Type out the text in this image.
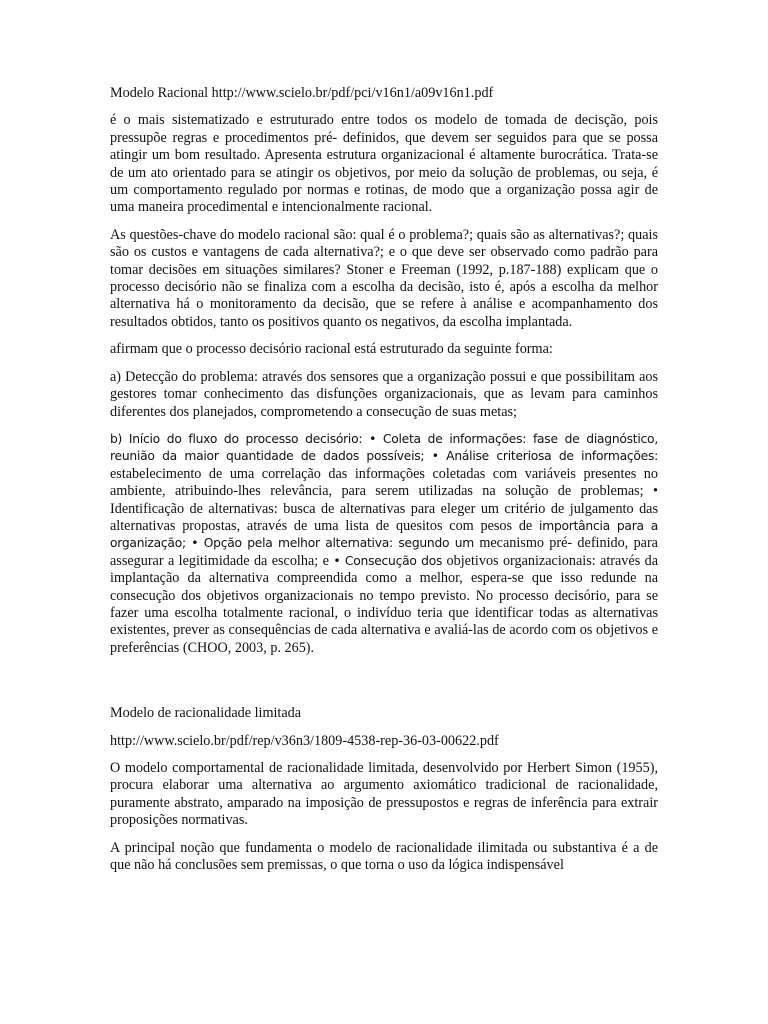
Modelo Racional http://www.scielo.br/pdf/pci/v16n1/a09v16n1.pdf

é o mais sistematizado e estruturado entre todos os modelo de tomada de decisção, pois pressupõe regras e procedimentos pré- definidos, que devem ser seguidos para que se possa atingir um bom resultado. Apresenta estrutura organizacional é altamente burocrática. Trata-se de um ato orientado para se atingir os objetivos, por meio da solução de problemas, ou seja, é um comportamento regulado por normas e rotinas, de modo que a organização possa agir de uma maneira procedimental e intencionalmente racional.

As questões-chave do modelo racional são: qual é o problema?; quais são as alternativas?; quais são os custos e vantagens de cada alternativa?; e o que deve ser observado como padrão para tomar decisões em situações similares? Stoner e Freeman (1992, p.187-188) explicam que o processo decisório não se finaliza com a escolha da decisão, isto é, após a escolha da melhor alternativa há o monitoramento da decisão, que se refere à análise e acompanhamento dos resultados obtidos, tanto os positivos quanto os negativos, da escolha implantada.

afirmam que o processo decisório racional está estruturado da seguinte forma:

a) Detecção do problema: através dos sensores que a organização possui e que possibilitam aos gestores tomar conhecimento das disfunções organizacionais, que as levam para caminhos diferentes dos planejados, comprometendo a consecução de suas metas;

b) Início do fluxo do processo decisório: • Coleta de informações: fase de diagnóstico, reunião da maior quantidade de dados possíveis; • Análise criteriosa de informações: estabelecimento de uma correlação das informações coletadas com variáveis presentes no ambiente, atribuindo-lhes relevância, para serem utilizadas na solução de problemas; • Identificação de alternativas: busca de alternativas para eleger um critério de julgamento das alternativas propostas, através de uma lista de quesitos com pesos de importância para a organização; • Opção pela melhor alternativa: segundo um mecanismo pré- definido, para assegurar a legitimidade da escolha; e • Consecução dos objetivos organizacionais: através da implantação da alternativa compreendida como a melhor, espera-se que isso redunde na consecução dos objetivos organizacionais no tempo previsto. No processo decisório, para se fazer uma escolha totalmente racional, o indivíduo teria que identificar todas as alternativas existentes, prever as consequências de cada alternativa e avaliá-las de acordo com os objetivos e preferências (CHOO, 2003, p. 265).

Modelo de racionalidade limitada

http://www.scielo.br/pdf/rep/v36n3/1809-4538-rep-36-03-00622.pdf

O modelo comportamental de racionalidade limitada, desenvolvido por Herbert Simon (1955), procura elaborar uma alternativa ao argumento axiomático tradicional de racionalidade, puramente abstrato, amparado na imposição de pressupostos e regras de inferência para extrair proposições normativas.

A principal noção que fundamenta o modelo de racionalidade ilimitada ou substantiva é a de que não há conclusões sem premissas, o que torna o uso da lógica indispensável
